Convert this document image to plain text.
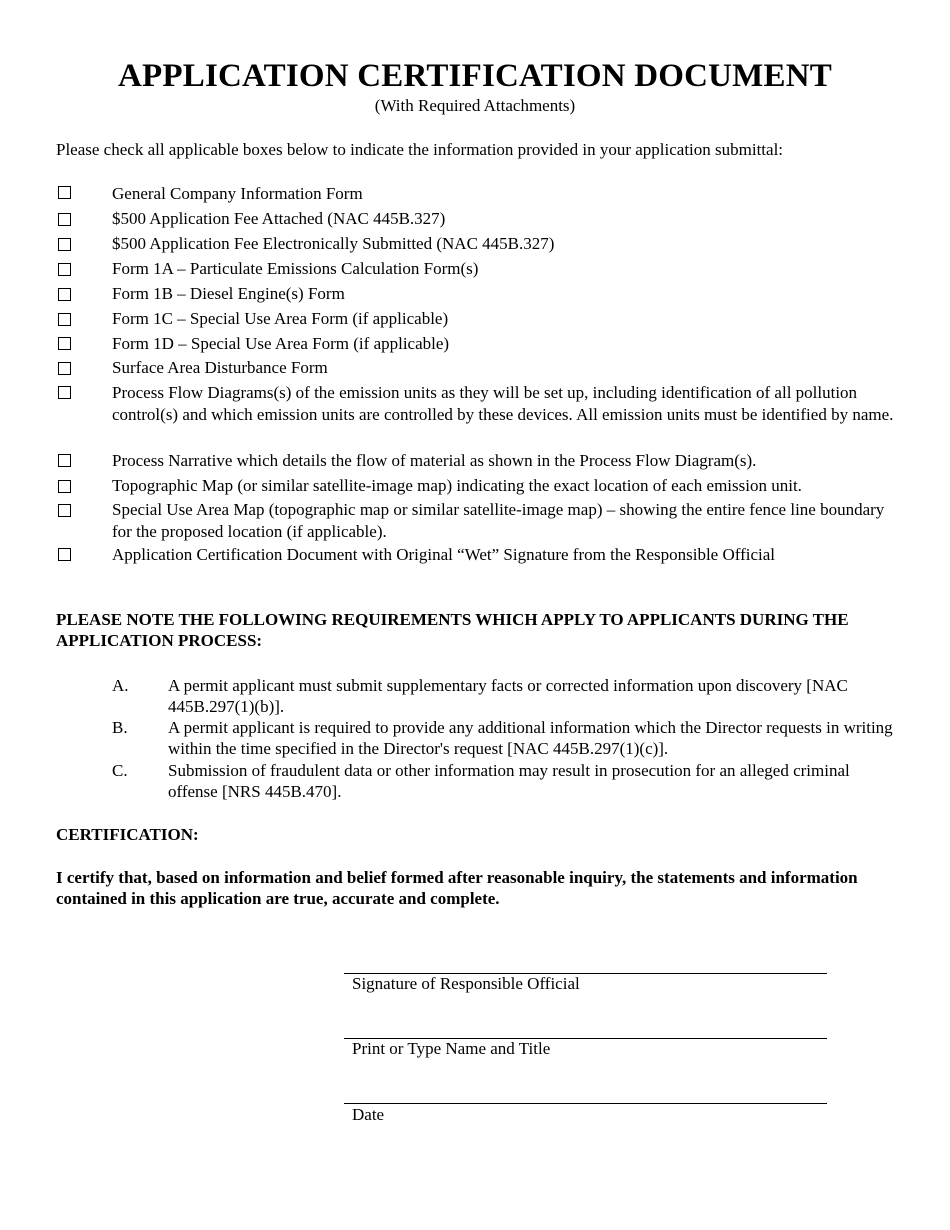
APPLICATION CERTIFICATION DOCUMENT
(With Required Attachments)
Please check all applicable boxes below to indicate the information provided in your application submittal:
General Company Information Form
$500 Application Fee Attached (NAC 445B.327)
$500 Application Fee Electronically Submitted (NAC 445B.327)
Form 1A – Particulate Emissions Calculation Form(s)
Form 1B – Diesel Engine(s) Form
Form 1C – Special Use Area Form (if applicable)
Form 1D – Special Use Area Form (if applicable)
Surface Area Disturbance Form
Process Flow Diagrams(s) of the emission units as they will be set up, including identification of all pollution control(s) and which emission units are controlled by these devices. All emission units must be identified by name.
Process Narrative which details the flow of material as shown in the Process Flow Diagram(s).
Topographic Map (or similar satellite-image map) indicating the exact location of each emission unit.
Special Use Area Map (topographic map or similar satellite-image map) – showing the entire fence line boundary for the proposed location (if applicable).
Application Certification Document with Original “Wet” Signature from the Responsible Official
PLEASE NOTE THE FOLLOWING REQUIREMENTS WHICH APPLY TO APPLICANTS DURING THE APPLICATION PROCESS:
A. A permit applicant must submit supplementary facts or corrected information upon discovery [NAC 445B.297(1)(b)].
B. A permit applicant is required to provide any additional information which the Director requests in writing within the time specified in the Director's request [NAC 445B.297(1)(c)].
C. Submission of fraudulent data or other information may result in prosecution for an alleged criminal offense [NRS 445B.470].
CERTIFICATION:
I certify that, based on information and belief formed after reasonable inquiry, the statements and information contained in this application are true, accurate and complete.
Signature of Responsible Official
Print or Type Name and Title
Date
